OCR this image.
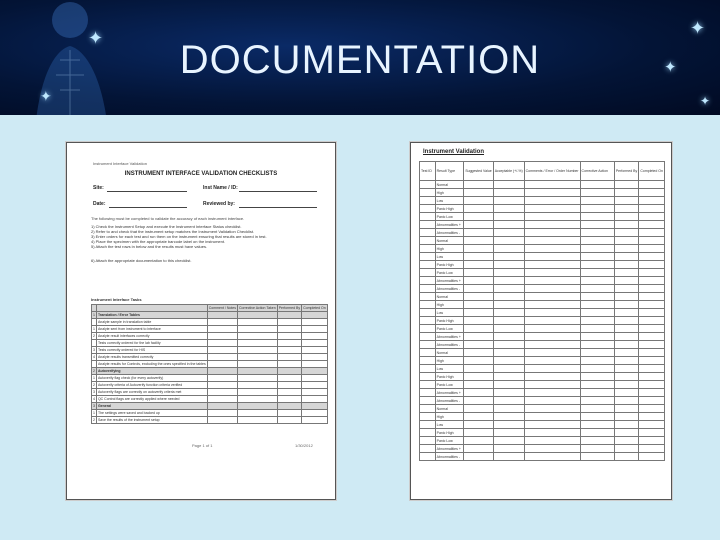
✦
✦
✦
✦
✦
DOCUMENTATION
Instrument Interface Validation
INSTRUMENT INTERFACE VALIDATION CHECKLISTS
Site:	Inst Name / ID:
Date:	Reviewed by:
The following must be completed to validate the accuracy of each instrument interface.
1) Check the Instrument Setup and execute the Instrument Interface Status checklist.
2) Refer to and check that the instrument setup matches the Instrument Validation Checklist.
3) Enter orders for each test and run them on the instrument ensuring that results are stored in test.
4) Place the specimen with the appropriate barcode label on the instrument.
5) Attach the test rows in below and the results must have values.
6) Attach the appropriate documentation to this checklist.
Instrument Interface Tasks
		Comment / Notes	Corrective Action Taken	Performed By	Completed On
1	Translation / Error Tables				
	Analyte sample in translation table				
1	Analyte sent from instrument to interface				
2	Analyte result interfaces correctly				
	Tests correctly ordered for the lab facility				
3	Tests correctly ordered for HIS				
4	Analyte results transmitted correctly				
	Analyte results for Controls, excluding the ones specified in the tables				
2	Autoverifying				
1	Autoverify flag check (for every autoverify)				
2	Autoverify criteria of Autoverify function criteria verified				
3	Autoverify flags are correctly on autoverify criteria met				
4	QC Control flags are correctly applied where needed				
3	General				
1	The settings were saved and backed up				
2	Save the results of the instrument setup				
Page 1 of 1	1/30/2012
Instrument Validation
Test ID	Result Type	Suggested Value	Acceptable (+/-%)	Comments / Error / Order Number	Corrective Action	Performed By	Completed On
	Normal						
	High						
	Low						
	Panic High						
	Panic Low						
	Abnormalities +						
	Abnormalities -						
	Normal						
	High						
	Low						
	Panic High						
	Panic Low						
	Abnormalities +						
	Abnormalities -						
	Normal						
	High						
	Low						
	Panic High						
	Panic Low						
	Abnormalities +						
	Abnormalities -						
	Normal						
	High						
	Low						
	Panic High						
	Panic Low						
	Abnormalities +						
	Abnormalities -						
	Normal						
	High						
	Low						
	Panic High						
	Panic Low						
	Abnormalities +						
	Abnormalities -						
